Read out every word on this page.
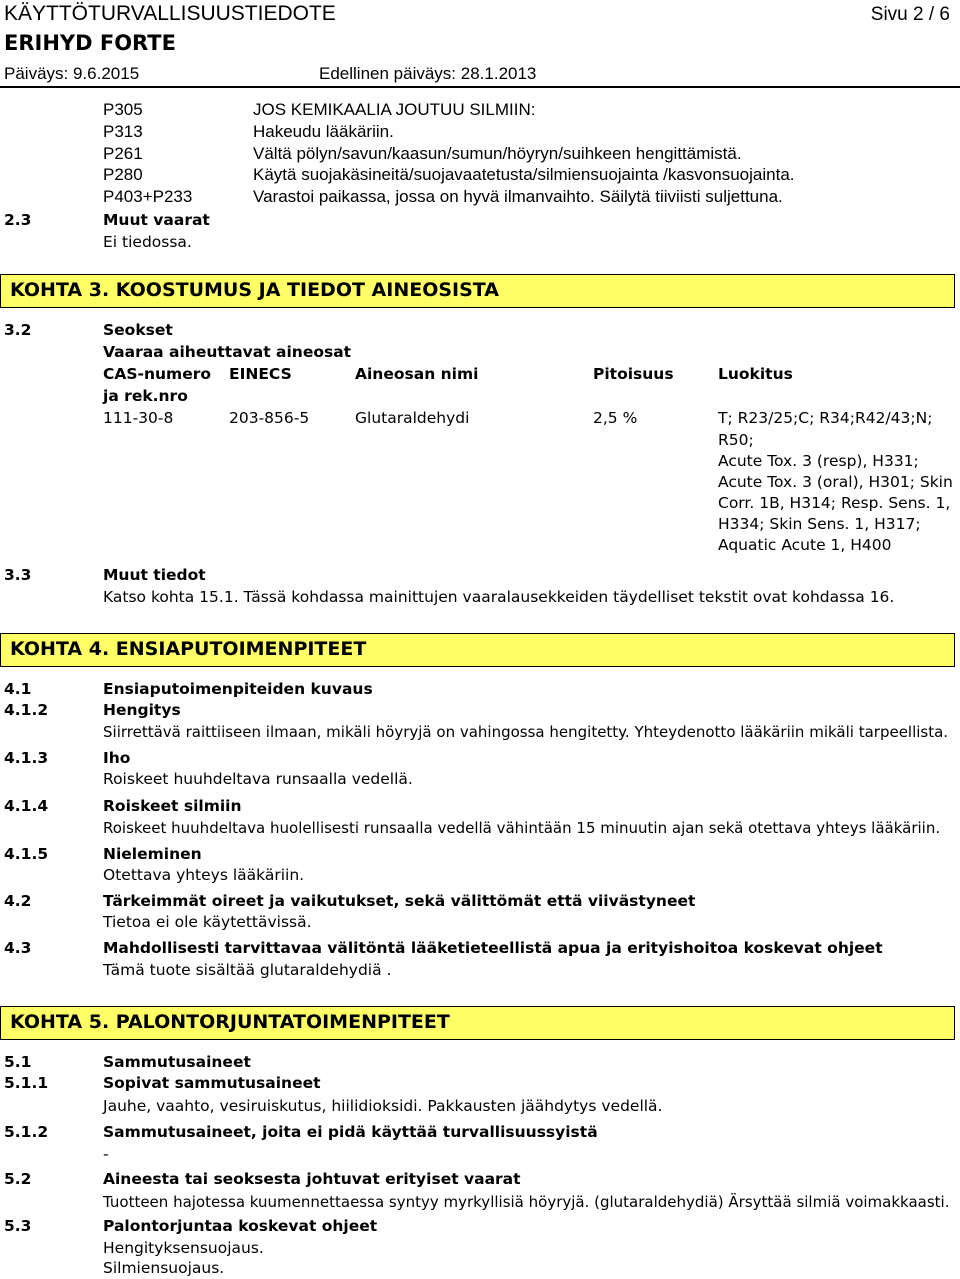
KÄYTTÖTURVALLISUUSTIEDOTE	Sivu 2 / 6
ERIHYD FORTE
Päiväys: 9.6.2015	Edellinen päiväys: 28.1.2013
P305	JOS KEMIKAALIA JOUTUU SILMIIN:
P313	Hakeudu lääkäriin.
P261	Vältä pölyn/savun/kaasun/sumun/höyryn/suihkeen hengittämistä.
P280	Käytä suojakäsineitä/suojavaatetusta/silmiensuojainta /kasvonsuojainta.
P403+P233	Varastoi paikassa, jossa on hyvä ilmanvaihto. Säilytä tiiviisti suljettuna.
2.3	Muut vaarat
Ei tiedossa.
KOHTA 3. KOOSTUMUS JA TIEDOT AINEOSISTA
3.2	Seokset
Vaaraa aiheuttavat aineosat
CAS-numero EINECS	Aineosan nimi	Pitoisuus	Luokitus
ja rek.nro
111-30-8	203-856-5	Glutaraldehydi	2,5 %	T; R23/25;C; R34;R42/43;N;
R50;
Acute Tox. 3 (resp), H331;
Acute Tox. 3 (oral), H301; Skin
Corr. 1B, H314; Resp. Sens. 1,
H334; Skin Sens. 1, H317;
Aquatic Acute 1, H400
3.3	Muut tiedot
Katso kohta 15.1. Tässä kohdassa mainittujen vaaralausekkeiden täydelliset tekstit ovat kohdassa 16.
KOHTA 4. ENSIAPUTOIMENPITEET
4.1	Ensiaputoimenpiteiden kuvaus
4.1.2	Hengitys
Siirrettävä raittiiseen ilmaan, mikäli höyryjä on vahingossa hengitetty. Yhteydenotto lääkäriin mikäli tarpeellista.
4.1.3	Iho
Roiskeet huuhdeltava runsaalla vedellä.
4.1.4	Roiskeet silmiin
Roiskeet huuhdeltava huolellisesti runsaalla vedellä vähintään 15 minuutin ajan sekä otettava yhteys lääkäriin.
4.1.5	Nieleminen
Otettava yhteys lääkäriin.
4.2	Tärkeimmät oireet ja vaikutukset, sekä välittömät että viivästyneet
Tietoa ei ole käytettävissä.
4.3	Mahdollisesti tarvittavaa välitöntä lääketieteellistä apua ja erityishoitoa koskevat ohjeet
Tämä tuote sisältää glutaraldehydiä .
KOHTA 5. PALONTORJUNTATOIMENPITEET
5.1	Sammutusaineet
5.1.1	Sopivat sammutusaineet
Jauhe, vaahto, vesiruiskutus, hiilidioksidi. Pakkausten jäähdytys vedellä.
5.1.2	Sammutusaineet, joita ei pidä käyttää turvallisuussyistä
-
5.2	Aineesta tai seoksesta johtuvat erityiset vaarat
Tuotteen hajotessa kuumennettaessa syntyy myrkyllisiä höyryjä. (glutaraldehydiä) Ärsyttää silmiä voimakkaasti.
5.3	Palontorjuntaa koskevat ohjeet
Hengityksensuojaus.
Silmiensuojaus.
